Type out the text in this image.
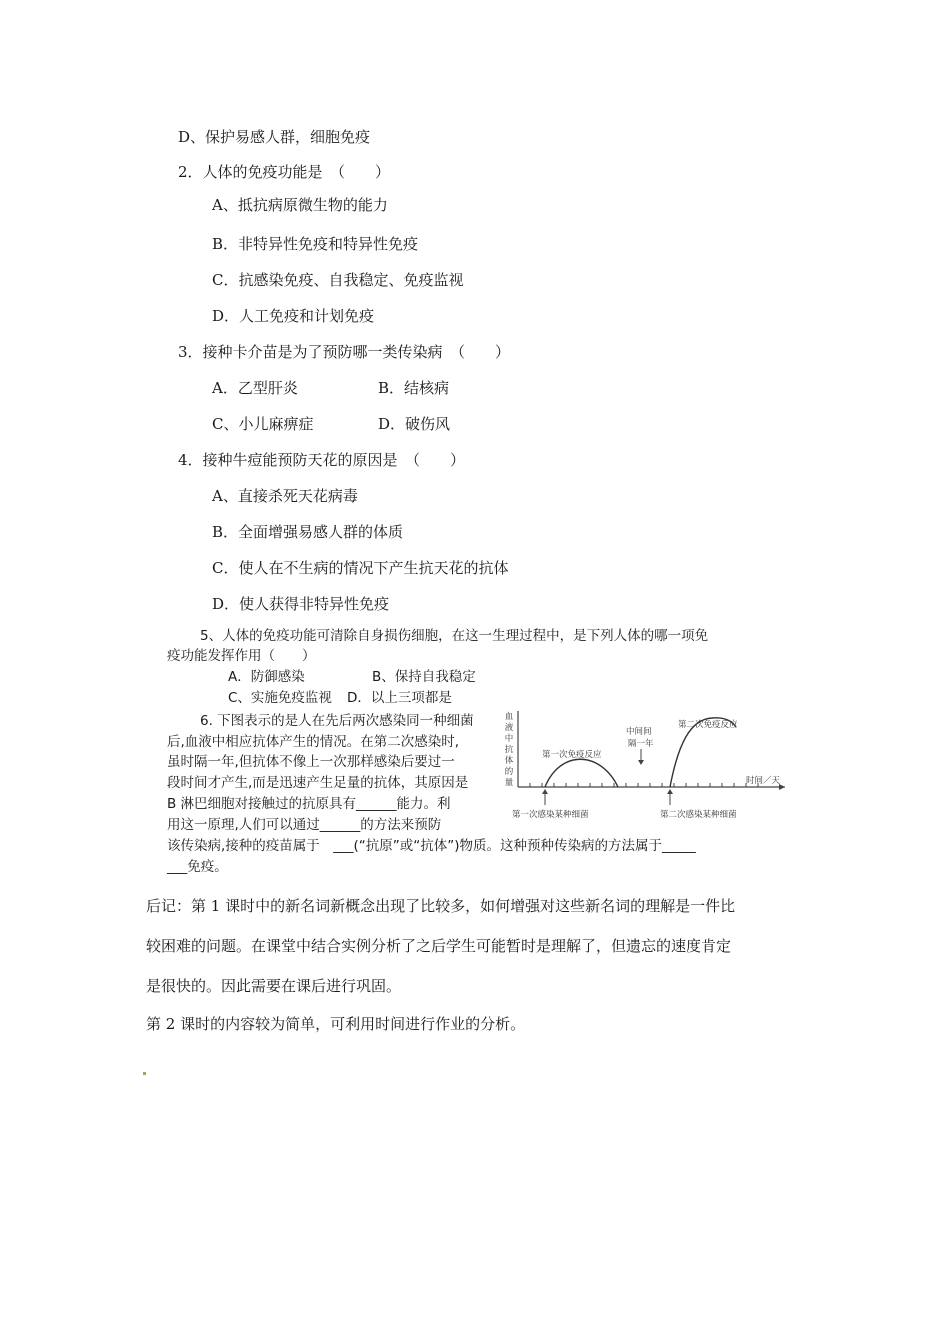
D、保护易感人群，细胞免疫
2．人体的免疫功能是　（　　）
A、抵抗病原微生物的能力
B．非特异性免疫和特异性免疫
C．抗感染免疫、自我稳定、免疫监视
D．人工免疫和计划免疫
3．接种卡介苗是为了预防哪一类传染病　（　　）
A．乙型肝炎	B．结核病
C、小儿麻痹症	D．破伤风
4．接种牛痘能预防天花的原因是　（　　）
A、直接杀死天花病毒
B．全面增强易感人群的体质
C．使人在不生病的情况下产生抗天花的抗体
D．使人获得非特异性免疫
5、人体的免疫功能可清除自身损伤细胞，在这一生理过程中，是下列人体的哪一项免
疫功能发挥作用（　　）
A．防御感染	B、保持自我稳定
C、实施免疫监视 D．以上三项都是
6. 下图表示的是人在先后两次感染同一种细菌
后,血液中相应抗体产生的情况。在第二次感染时,
虽时隔一年,但抗体不像上一次那样感染后要过一
段时间才产生,而是迅速产生足量的抗体，其原因是
B 淋巴细胞对接触过的抗原具有______能力。利
用这一原理,人们可以通过______的方法来预防
该传染病,接种的疫苗属于　___(“抗原”或“抗体”)物质。这种预种传染病的方法属于_____
___免疫。
血
液
中
抗
体
的
量
第一次免疫反应
第二次免疫反应
中间间
隔一年
时间／天
第一次感染某种细菌	第二次感染某种细菌
后记：第 1 课时中的新名词新概念出现了比较多，如何增强对这些新名词的理解是一件比
较困难的问题。在课堂中结合实例分析了之后学生可能暂时是理解了，但遗忘的速度肯定
是很快的。因此需要在课后进行巩固。
第 2 课时的内容较为简单，可利用时间进行作业的分析。
